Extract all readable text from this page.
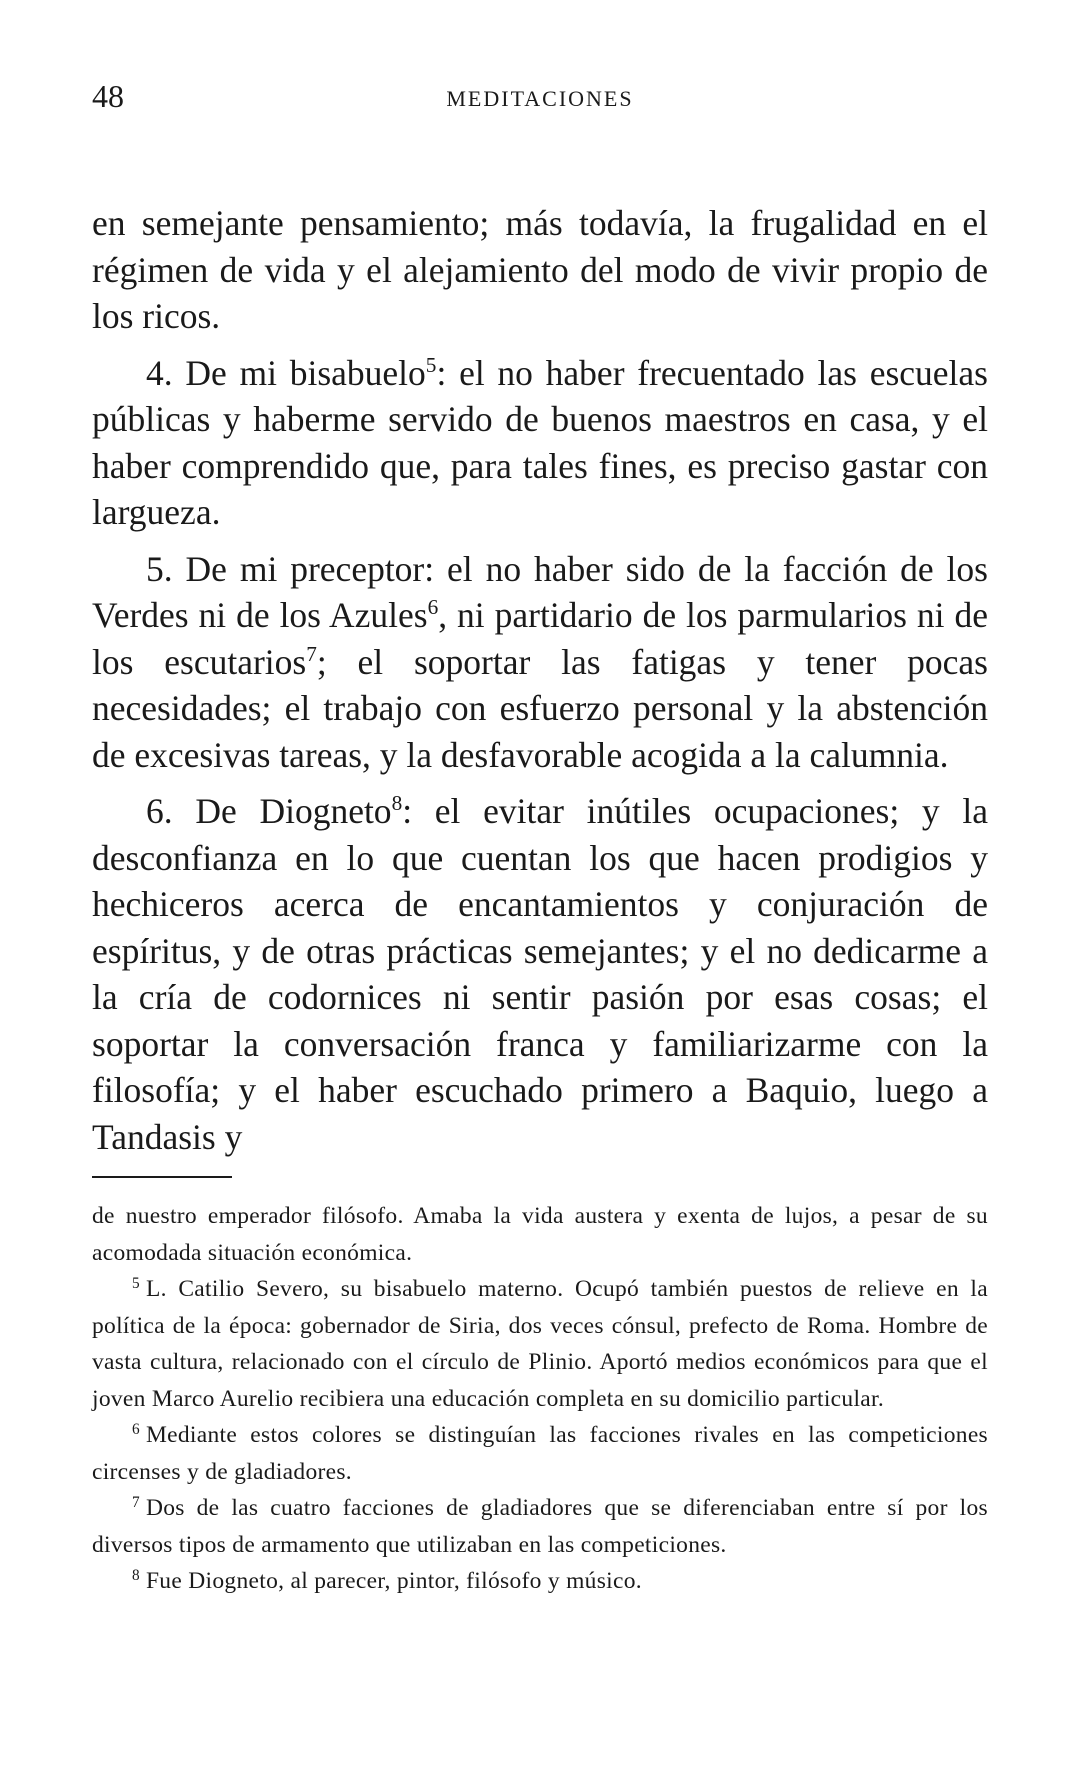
48	MEDITACIONES

en semejante pensamiento; más todavía, la frugalidad en el régimen de vida y el alejamiento del modo de vivir propio de los ricos.

4. De mi bisabuelo$^5$: el no haber frecuentado las escuelas públicas y haberme servido de buenos maestros en casa, y el haber comprendido que, para tales fines, es preciso gastar con largueza.

5. De mi preceptor: el no haber sido de la facción de los Verdes ni de los Azules$^6$, ni partidario de los parmularios ni de los escutarios$^7$; el soportar las fatigas y tener pocas necesidades; el trabajo con esfuerzo personal y la abstención de excesivas tareas, y la desfavorable acogida a la calumnia.

6. De Diogneto$^8$: el evitar inútiles ocupaciones; y la desconfianza en lo que cuentan los que hacen prodigios y hechiceros acerca de encantamientos y conjuración de espíritus, y de otras prácticas semejantes; y el no dedicarme a la cría de codornices ni sentir pasión por esas cosas; el soportar la conversación franca y familiarizarme con la filosofía; y el haber escuchado primero a Baquio, luego a Tandasis y

de nuestro emperador filósofo. Amaba la vida austera y exenta de lujos, a pesar de su acomodada situación económica.

$^5$ L. Catilio Severo, su bisabuelo materno. Ocupó también puestos de relieve en la política de la época: gobernador de Siria, dos veces cónsul, prefecto de Roma. Hombre de vasta cultura, relacionado con el círculo de Plinio. Aportó medios económicos para que el joven Marco Aurelio recibiera una educación completa en su domicilio particular.

$^6$ Mediante estos colores se distinguían las facciones rivales en las competiciones circenses y de gladiadores.

$^7$ Dos de las cuatro facciones de gladiadores que se diferenciaban entre sí por los diversos tipos de armamento que utilizaban en las competiciones.

$^8$ Fue Diogneto, al parecer, pintor, filósofo y músico.
